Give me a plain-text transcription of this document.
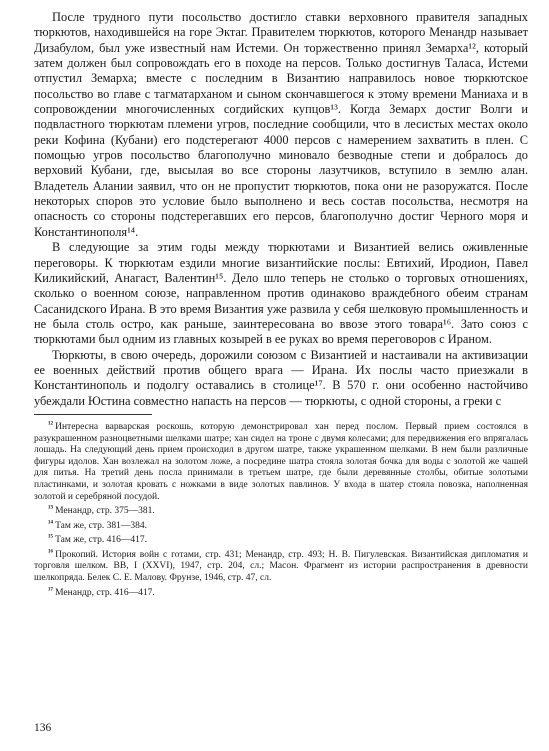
После трудного пути посольство достигло ставки верховного правителя западных тюркютов, находившейся на горе Эктаг. Правителем тюркютов, которого Менандр называет Дизабулом, был уже известный нам Истеми. Он торжественно принял Земарха¹², который затем должен был сопровождать его в походе на персов. Только достигнув Таласа, Истеми отпустил Земарха; вместе с последним в Византию направилось новое тюркютское посольство во главе с тагматарханом и сыном скончавшегося к этому времени Маниаха и в сопровождении многочисленных согдийских купцов¹³. Когда Земарх достиг Волги и подвластного тюркютам племени угров, последние сообщили, что в лесистых местах около реки Кофина (Кубани) его подстерегают 4000 персов с намерением захватить в плен. С помощью угров посольство благополучно миновало безводные степи и добралось до верховий Кубани, где, высылая во все стороны лазутчиков, вступило в землю алан. Владетель Алании заявил, что он не пропустит тюркютов, пока они не разоружатся. После некоторых споров это условие было выполнено и весь состав посольства, несмотря на опасность со стороны подстерегавших его персов, благополучно достиг Черного моря и Константинополя¹⁴.

В следующие за этим годы между тюркютами и Византией велись оживленные переговоры. К тюркютам ездили многие византийские послы: Евтихий, Иродион, Павел Киликийский, Анагаст, Валентин¹⁵. Дело шло теперь не столько о торговых отношениях, сколько о военном союзе, направленном против одинаково враждебного обеим странам Сасанидского Ирана. В это время Византия уже развила у себя шелковую промышленность и не была столь остро, как раньше, заинтересована во ввозе этого товара¹⁶. Зато союз с тюркютами был одним из главных козырей в ее руках во время переговоров с Ираном.

Тюркюты, в свою очередь, дорожили союзом с Византией и настаивали на активизации ее военных действий против общего врага — Ирана. Их послы часто приезжали в Константинополь и подолгу оставались в столице¹⁷. В 570 г. они особенно настойчиво убеждали Юстина совместно напасть на персов — тюркюты, с одной стороны, а греки с

¹² Интересна варварская роскошь, которую демонстрировал хан перед послом. Первый прием состоялся в разукрашенном разноцветными шелками шатре; хан сидел на троне с двумя колесами; для передвижения его впрягалась лошадь. На следующий день прием происходил в другом шатре, также украшенном шелками. В нем были различные фигуры идолов. Хан возлежал на золотом ложе, а посредине шатра стояла золотая бочка для воды с золотой же чашей для питья. На третий день посла принимали в третьем шатре, где были деревянные столбы, обитые золотыми пластинками, и золотая кровать с ножками в виде золотых павлинов. У входа в шатер стояла повозка, наполненная золотой и серебряной посудой.

¹³ Менандр, стр. 375—381.

¹⁴ Там же, стр. 381—384.

¹⁵ Там же, стр. 416—417.

¹⁶ Прокопий. История войн с готами, стр. 431; Менандр, стр. 493; Н. В. Пигулевская. Византийская дипломатия и торговля шелком. ВВ, I (XXVI), 1947, стр. 204, сл.; Масон. Фрагмент из истории распространения в древности шелкопряда. Белек С. Е. Малову. Фрунзе, 1946, стр. 47, сл.

¹⁷ Менандр, стр. 416—417.

136
